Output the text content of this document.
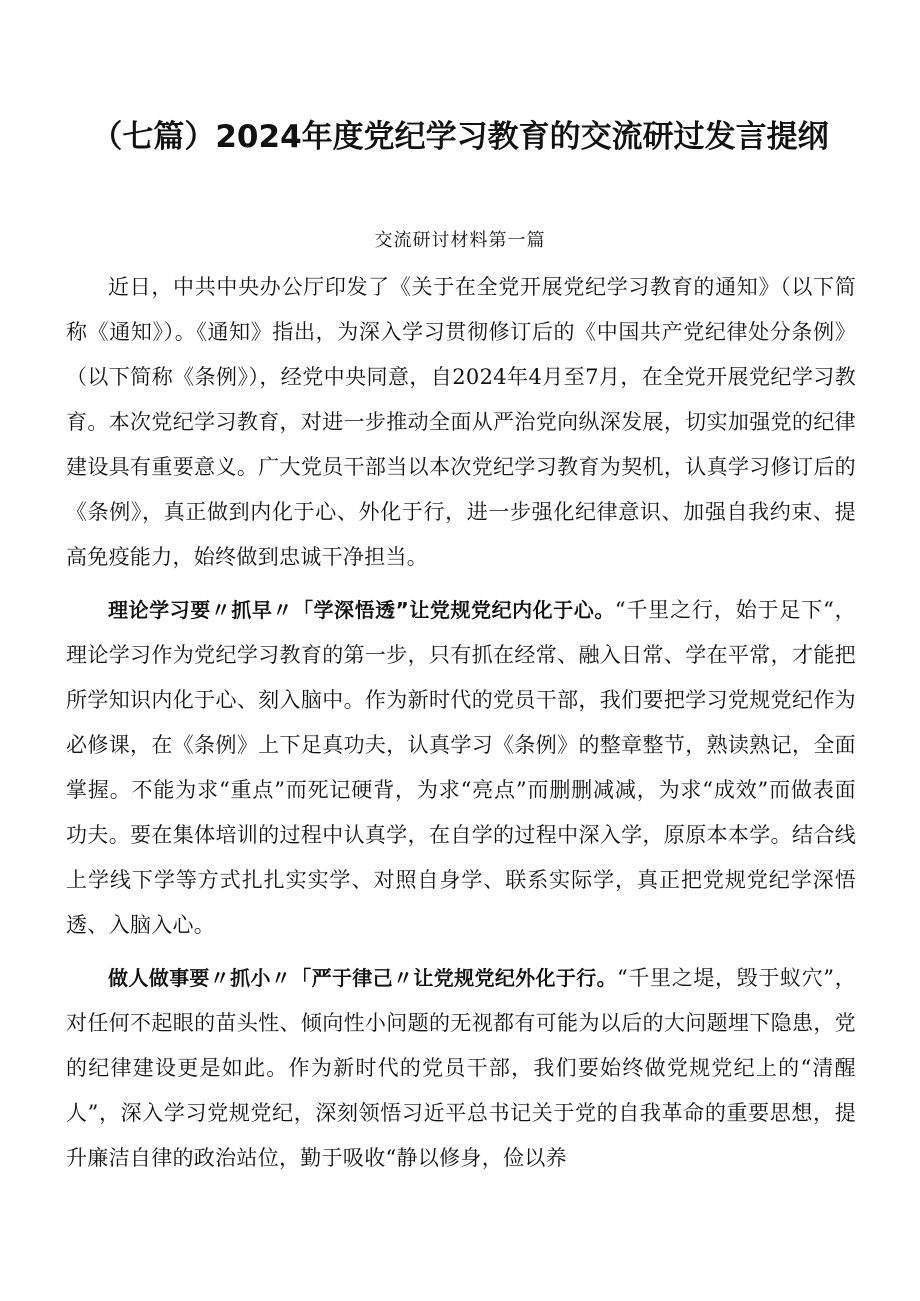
（七篇）2024年度党纪学习教育的交流研过发言提纲
交流研讨材料第一篇

近日，中共中央办公厅印发了《关于在全党开展党纪学习教育的通知》（以下简称《通知》）。《通知》指出，为深入学习贯彻修订后的《中国共产党纪律处分条例》（以下简称《条例》），经党中央同意，自2024年4月至7月，在全党开展党纪学习教育。本次党纪学习教育，对进一步推动全面从严治党向纵深发展，切实加强党的纪律建设具有重要意义。广大党员干部当以本次党纪学习教育为契机，认真学习修订后的《条例》，真正做到内化于心、外化于行，进一步强化纪律意识、加强自我约束、提高免疫能力，始终做到忠诚干净担当。

理论学习要〃抓早〃「学深悟透”让党规党纪内化于心。“千里之行，始于足下“，理论学习作为党纪学习教育的第一步，只有抓在经常、融入日常、学在平常，才能把所学知识内化于心、刻入脑中。作为新时代的党员干部，我们要把学习党规党纪作为必修课，在《条例》上下足真功夫，认真学习《条例》的整章整节，熟读熟记，全面掌握。不能为求“重点”而死记硬背，为求“亮点”而删删减减，为求“成效”而做表面功夫。要在集体培训的过程中认真学，在自学的过程中深入学，原原本本学。结合线上学线下学等方式扎扎实实学、对照自身学、联系实际学，真正把党规党纪学深悟透、入脑入心。

做人做事要〃抓小〃「严于律己〃让党规党纪外化于行。“千里之堤，毁于蚁穴”，对任何不起眼的苗头性、倾向性小问题的无视都有可能为以后的大问题埋下隐患，党的纪律建设更是如此。作为新时代的党员干部，我们要始终做党规党纪上的“清醒人”，深入学习党规党纪，深刻领悟习近平总书记关于党的自我革命的重要思想，提升廉洁自律的政治站位，勤于吸收“静以修身，俭以养
